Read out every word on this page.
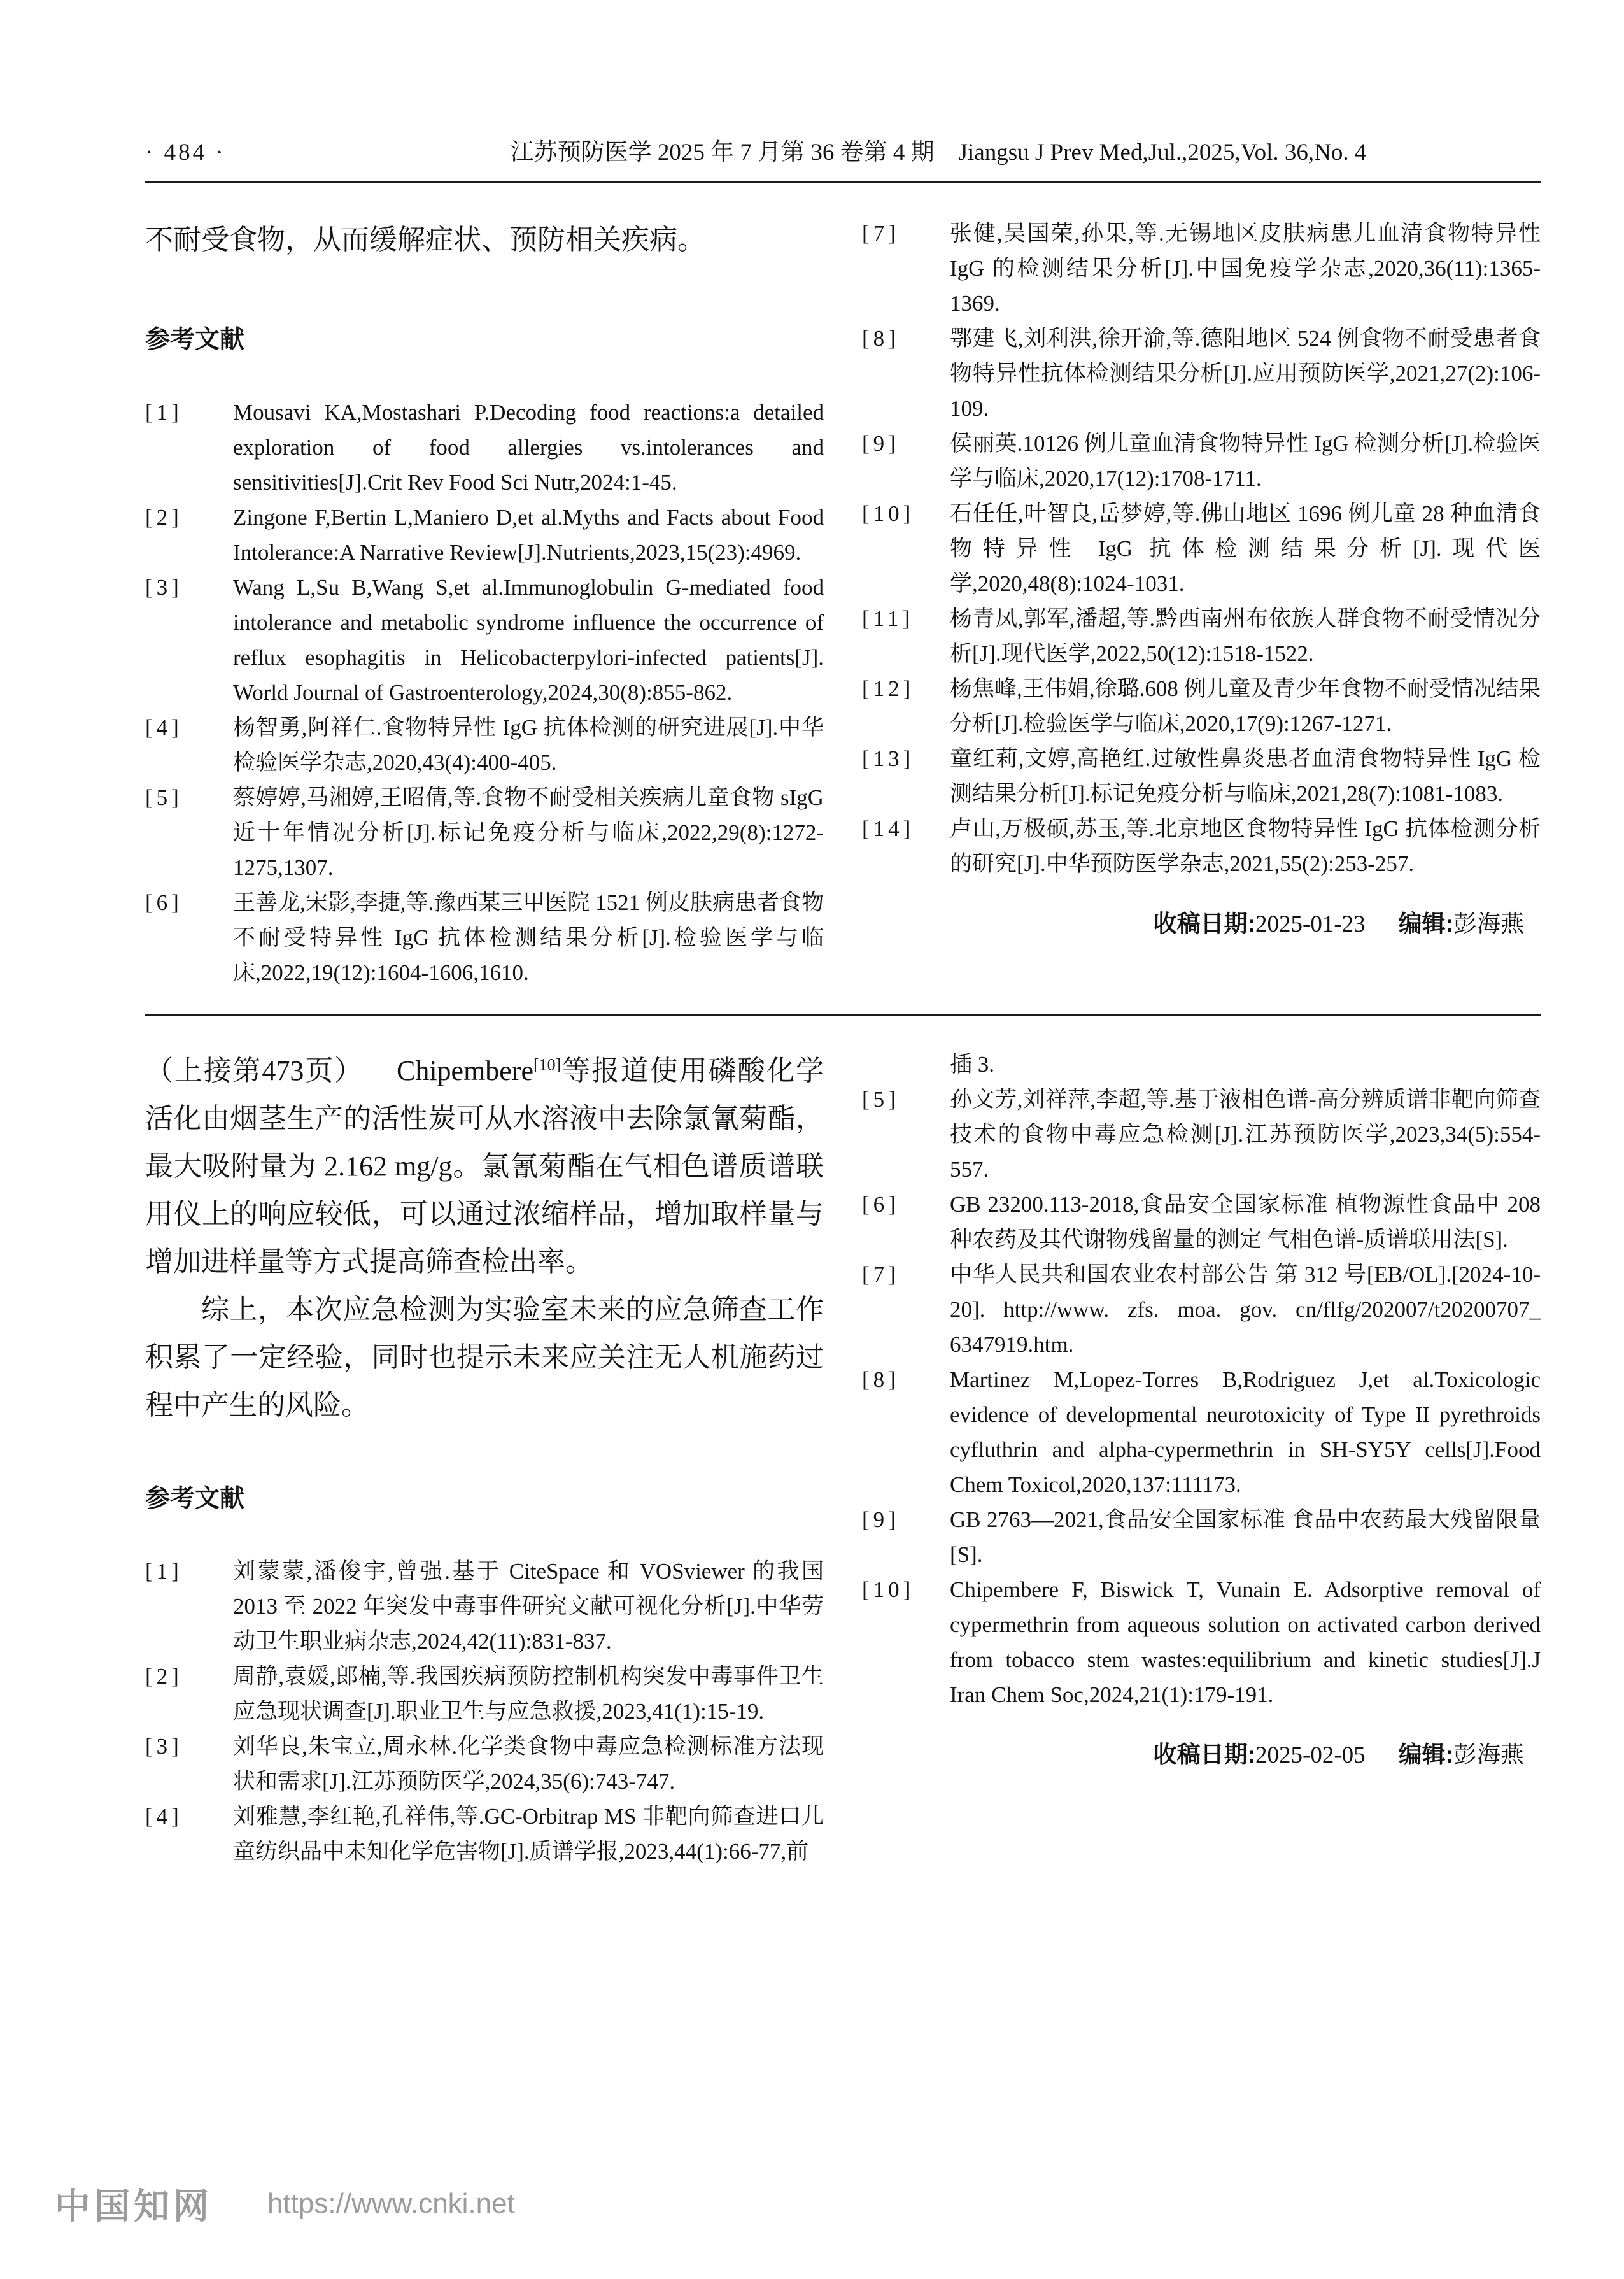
· 484 ·	江苏预防医学 2025 年 7 月第 36 卷第 4 期 Jiangsu J Prev Med,Jul.,2025,Vol. 36,No. 4

不耐受食物，从而缓解症状、预防相关疾病。

参考文献
[1] Mousavi KA,Mostashari P.Decoding food reactions:a detailed exploration of food allergies vs.intolerances and sensitivities[J].Crit Rev Food Sci Nutr,2024:1-45.
[2] Zingone F,Bertin L,Maniero D,et al.Myths and Facts about Food Intolerance:A Narrative Review[J].Nutrients,2023,15(23):4969.
[3] Wang L,Su B,Wang S,et al.Immunoglobulin G-mediated food intolerance and metabolic syndrome influence the occurrence of reflux esophagitis in Helicobacterpylori-infected patients[J]. World Journal of Gastroenterology,2024,30(8):855-862.
[4] 杨智勇,阿祥仁.食物特异性 IgG 抗体检测的研究进展[J].中华检验医学杂志,2020,43(4):400-405.
[5] 蔡婷婷,马湘婷,王昭倩,等.食物不耐受相关疾病儿童食物 sIgG 近十年情况分析[J].标记免疫分析与临床,2022,29(8):1272-1275,1307.
[6] 王善龙,宋影,李捷,等.豫西某三甲医院 1521 例皮肤病患者食物不耐受特异性 IgG 抗体检测结果分析[J].检验医学与临床,2022,19(12):1604-1606,1610.
[7] 张健,吴国荣,孙果,等.无锡地区皮肤病患儿血清食物特异性 IgG 的检测结果分析[J].中国免疫学杂志,2020,36(11):1365-1369.
[8] 鄂建飞,刘利洪,徐开渝,等.德阳地区 524 例食物不耐受患者食物特异性抗体检测结果分析[J].应用预防医学,2021,27(2):106-109.
[9] 侯丽英.10126 例儿童血清食物特异性 IgG 检测分析[J].检验医学与临床,2020,17(12):1708-1711.
[10] 石任任,叶智良,岳梦婷,等.佛山地区 1696 例儿童 28 种血清食物特异性 IgG 抗体检测结果分析[J].现代医学,2020,48(8):1024-1031.
[11] 杨青凤,郭军,潘超,等.黔西南州布依族人群食物不耐受情况分析[J].现代医学,2022,50(12):1518-1522.
[12] 杨焦峰,王伟娟,徐璐.608 例儿童及青少年食物不耐受情况结果分析[J].检验医学与临床,2020,17(9):1267-1271.
[13] 童红莉,文婷,高艳红.过敏性鼻炎患者血清食物特异性 IgG 检测结果分析[J].标记免疫分析与临床,2021,28(7):1081-1083.
[14] 卢山,万极硕,苏玉,等.北京地区食物特异性 IgG 抗体检测分析的研究[J].中华预防医学杂志,2021,55(2):253-257.

收稿日期:2025-01-23 编辑:彭海燕

（上接第473页） Chipembere[10]等报道使用磷酸化学活化由烟茎生产的活性炭可从水溶液中去除氯氰菊酯，最大吸附量为 2.162 mg/g。氯氰菊酯在气相色谱质谱联用仪上的响应较低，可以通过浓缩样品，增加取样量与增加进样量等方式提高筛查检出率。

综上，本次应急检测为实验室未来的应急筛查工作积累了一定经验，同时也提示未来应关注无人机施药过程中产生的风险。

参考文献
[1] 刘蒙蒙,潘俊宇,曾强.基于 CiteSpace 和 VOSviewer 的我国 2013 至 2022 年突发中毒事件研究文献可视化分析[J].中华劳动卫生职业病杂志,2024,42(11):831-837.
[2] 周静,袁媛,郎楠,等.我国疾病预防控制机构突发中毒事件卫生应急现状调查[J].职业卫生与应急救援,2023,41(1):15-19.
[3] 刘华良,朱宝立,周永林.化学类食物中毒应急检测标准方法现状和需求[J].江苏预防医学,2024,35(6):743-747.
[4] 刘雅慧,李红艳,孔祥伟,等.GC-Orbitrap MS 非靶向筛查进口儿童纺织品中未知化学危害物[J].质谱学报,2023,44(1):66-77,前
插 3.
[5] 孙文芳,刘祥萍,李超,等.基于液相色谱-高分辨质谱非靶向筛查技术的食物中毒应急检测[J].江苏预防医学,2023,34(5):554-557.
[6] GB 23200.113-2018,食品安全国家标准 植物源性食品中 208 种农药及其代谢物残留量的测定 气相色谱-质谱联用法[S].
[7] 中华人民共和国农业农村部公告 第 312 号[EB/OL].[2024-10-20]. http://www. zfs. moa. gov. cn/flfg/202007/t20200707_ 6347919.htm.
[8] Martinez M,Lopez-Torres B,Rodriguez J,et al.Toxicologic evidence of developmental neurotoxicity of Type II pyrethroids cyfluthrin and alpha-cypermethrin in SH-SY5Y cells[J].Food Chem Toxicol,2020,137:111173.
[9] GB 2763—2021,食品安全国家标准 食品中农药最大残留限量[S].
[10] Chipembere F, Biswick T, Vunain E. Adsorptive removal of cypermethrin from aqueous solution on activated carbon derived from tobacco stem wastes:equilibrium and kinetic studies[J].J Iran Chem Soc,2024,21(1):179-191.

收稿日期:2025-02-05 编辑:彭海燕

中国知网 https://www.cnki.net
